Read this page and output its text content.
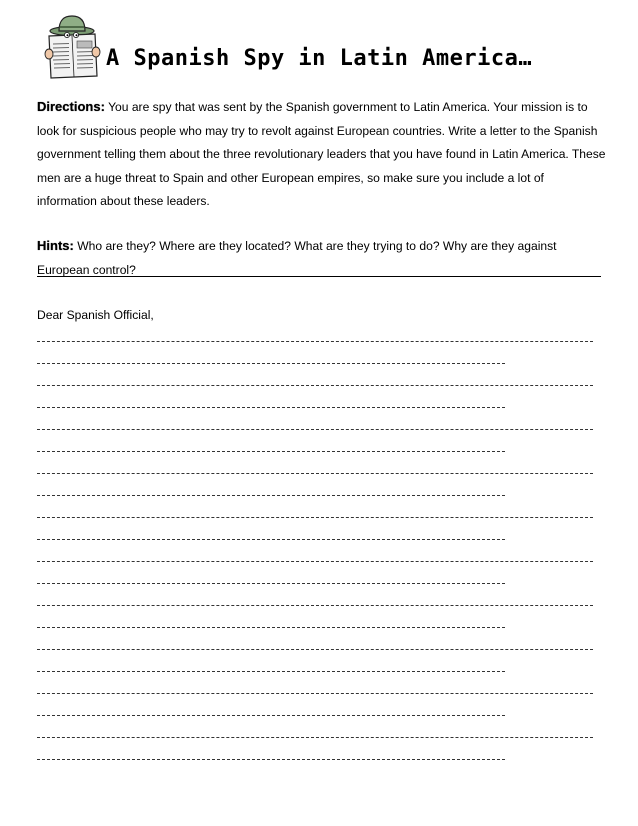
A Spanish Spy in Latin America…
Directions: You are spy that was sent by the Spanish government to Latin America. Your mission is to look for suspicious people who may try to revolt against European countries. Write a letter to the Spanish government telling them about the three revolutionary leaders that you have found in Latin America. These men are a huge threat to Spain and other European empires, so make sure you include a lot of information about these leaders.
Hints: Who are they? Where are they located? What are they trying to do? Why are they against European control?
Dear Spanish Official,
